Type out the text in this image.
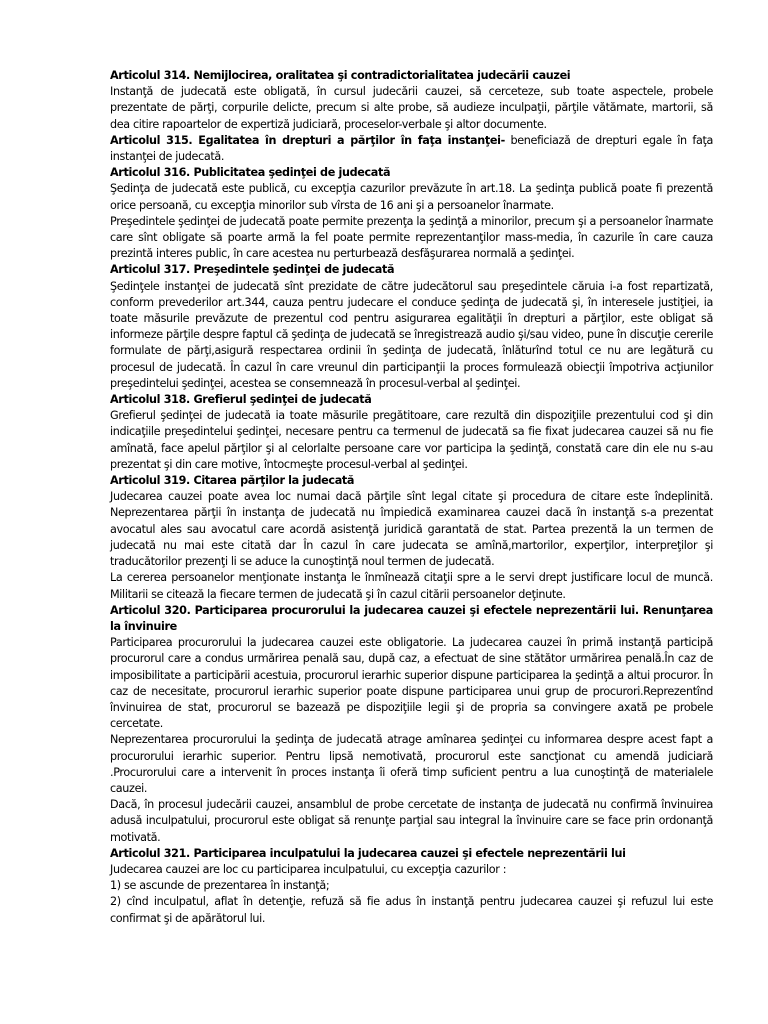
Articolul 314. Nemijlocirea, oralitatea şi contradictorialitatea judecării cauzei

Instanţă de judecată este obligată, în cursul judecării cauzei, să cerceteze, sub toate aspectele, probele prezentate de părţi, corpurile delicte, precum si alte probe, să audieze inculpaţii, părţile vătămate, martorii, să dea citire rapoartelor de expertiză judiciară, proceselor-verbale şi altor documente.

Articolul 315. Egalitatea în drepturi a părţilor în faţa instanţei- beneficiază de drepturi egale în faţa instanţei de judecată.

Articolul 316. Publicitatea şedinţei de judecată

Şedinţa de judecată este publică, cu excepţia cazurilor prevăzute în art.18. La şedinţa publică poate fi prezentă orice persoană, cu excepţia minorilor sub vîrsta de 16 ani şi a persoanelor înarmate.

Preşedintele şedinţei de judecată poate permite prezenţa la şedinţă a minorilor, precum şi a persoanelor înarmate care sînt obligate să poarte armă la fel poate permite reprezentanţilor mass-media, în cazurile în care cauza prezintă interes public, în care acestea nu perturbează desfăşurarea normală a şedinţei.

Articolul 317. Preşedintele şedinţei de judecată

Şedinţele instanţei de judecată sînt prezidate de către judecătorul sau preşedintele căruia i-a fost repartizată, conform prevederilor art.344, cauza pentru judecare el conduce şedinţa de judecată şi, în interesele justiţiei, ia toate măsurile prevăzute de prezentul cod pentru asigurarea egalităţii în drepturi a părţilor, este obligat să informeze părţile despre faptul că şedinţa de judecată se înregistrează audio şi/sau video, pune în discuţie cererile formulate de părţi,asigură respectarea ordinii în şedinţa de judecată, înlăturînd totul ce nu are legătură cu procesul de judecată. În cazul în care vreunul din participanţii la proces formulează obiecţii împotriva acţiunilor preşedintelui şedinţei, acestea se consemnează în procesul-verbal al şedinţei.

Articolul 318. Grefierul şedinţei de judecată

Grefierul şedinţei de judecată ia toate măsurile pregătitoare, care rezultă din dispoziţiile prezentului cod şi din indicaţiile preşedintelui şedinţei, necesare pentru ca termenul de judecată sa fie fixat judecarea cauzei să nu fie amînată, face apelul părţilor şi al celorlalte persoane care vor participa la şedinţă, constată care din ele nu s-au prezentat şi din care motive, întocmeşte procesul-verbal al şedinţei.

Articolul 319. Citarea părţilor la judecată

Judecarea cauzei poate avea loc numai dacă părţile sînt legal citate şi procedura de citare este îndeplinită. Neprezentarea părţii în instanţa de judecată nu împiedică examinarea cauzei dacă în instanţă s-a prezentat avocatul ales sau avocatul care acordă asistenţă juridică garantată de stat. Partea prezentă la un termen de judecată nu mai este citată dar În cazul în care judecata se amînă,martorilor, experţilor, interpreţilor şi traducătorilor prezenţi li se aduce la cunoştinţă noul termen de judecată.

La cererea persoanelor menţionate instanţa le înmînează citaţii spre a le servi drept justificare locul de muncă. Militarii se citează la fiecare termen de judecată şi în cazul citării persoanelor deţinute.

Articolul 320. Participarea procurorului la judecarea cauzei şi efectele neprezentării lui. Renunţarea la învinuire

Participarea procurorului la judecarea cauzei este obligatorie. La judecarea cauzei în primă instanţă participă procurorul care a condus urmărirea penală sau, după caz, a efectuat de sine stătător urmărirea penală.În caz de imposibilitate a participării acestuia, procurorul ierarhic superior dispune participarea la şedinţă a altui procuror. În caz de necesitate, procurorul ierarhic superior poate dispune participarea unui grup de procurori.Reprezentînd învinuirea de stat, procurorul se bazează pe dispoziţiile legii şi de propria sa convingere axată pe probele cercetate.

Neprezentarea procurorului la şedinţa de judecată atrage amînarea şedinţei cu informarea despre acest fapt a procurorului ierarhic superior. Pentru lipsă nemotivată, procurorul este sancţionat cu amendă judiciară .Procurorului care a intervenit în proces instanţa îi oferă timp suficient pentru a lua cunoştinţă de materialele cauzei.

Dacă, în procesul judecării cauzei, ansamblul de probe cercetate de instanţa de judecată nu confirmă învinuirea adusă inculpatului, procurorul este obligat să renunţe parţial sau integral la învinuire care se face prin ordonanţă motivată.

Articolul 321. Participarea inculpatului la judecarea cauzei şi efectele neprezentării lui

Judecarea cauzei are loc cu participarea inculpatului, cu excepţia cazurilor :

1) se ascunde de prezentarea în instanţă;

2) cînd inculpatul, aflat în detenţie, refuză să fie adus în instanţă pentru judecarea cauzei şi refuzul lui este confirmat şi de apărătorul lui.
